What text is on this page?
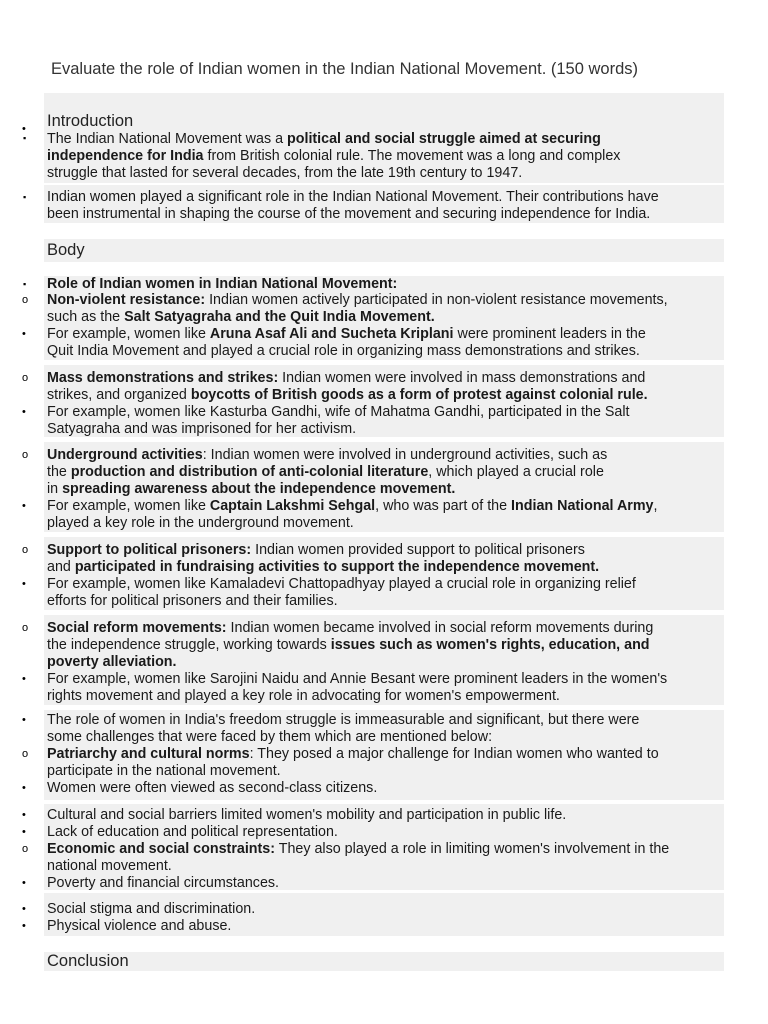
Evaluate the role of Indian women in the Indian National Movement. (150 words)
Introduction
Body
Conclusion
Role of Indian women in Indian National Movement:
The Indian National Movement was a political and social struggle aimed at securing
independence for India from British colonial rule. The movement was a long and complex
struggle that lasted for several decades, from the late 19th century to 1947.
Indian women played a significant role in the Indian National Movement. Their contributions have
been instrumental in shaping the course of the movement and securing independence for India.
Non-violent resistance: Indian women actively participated in non-violent resistance movements,
such as the Salt Satyagraha and the Quit India Movement.
For example, women like Aruna Asaf Ali and Sucheta Kriplani were prominent leaders in the
Quit India Movement and played a crucial role in organizing mass demonstrations and strikes.
Mass demonstrations and strikes: Indian women were involved in mass demonstrations and
strikes, and organized boycotts of British goods as a form of protest against colonial rule.
For example, women like Kasturba Gandhi, wife of Mahatma Gandhi, participated in the Salt
Satyagraha and was imprisoned for her activism.
Underground activities: Indian women were involved in underground activities, such as
the production and distribution of anti-colonial literature, which played a crucial role
in spreading awareness about the independence movement.
For example, women like Captain Lakshmi Sehgal, who was part of the Indian National Army,
played a key role in the underground movement.
Support to political prisoners: Indian women provided support to political prisoners
and participated in fundraising activities to support the independence movement.
For example, women like Kamaladevi Chattopadhyay played a crucial role in organizing relief
efforts for political prisoners and their families.
Social reform movements: Indian women became involved in social reform movements during
the independence struggle, working towards issues such as women's rights, education, and
poverty alleviation.
For example, women like Sarojini Naidu and Annie Besant were prominent leaders in the women's
rights movement and played a key role in advocating for women's empowerment.
The role of women in India's freedom struggle is immeasurable and significant, but there were
some challenges that were faced by them which are mentioned below:
Patriarchy and cultural norms: They posed a major challenge for Indian women who wanted to
participate in the national movement.
Women were often viewed as second-class citizens.
Cultural and social barriers limited women's mobility and participation in public life.
Lack of education and political representation.
Economic and social constraints: They also played a role in limiting women's involvement in the
national movement.
Poverty and financial circumstances.
Social stigma and discrimination.
Physical violence and abuse.
•
▪
▪
▪
o
•
o
•
o
•
o
•
o
•
•
o
•
•
•
o
•
•
•
